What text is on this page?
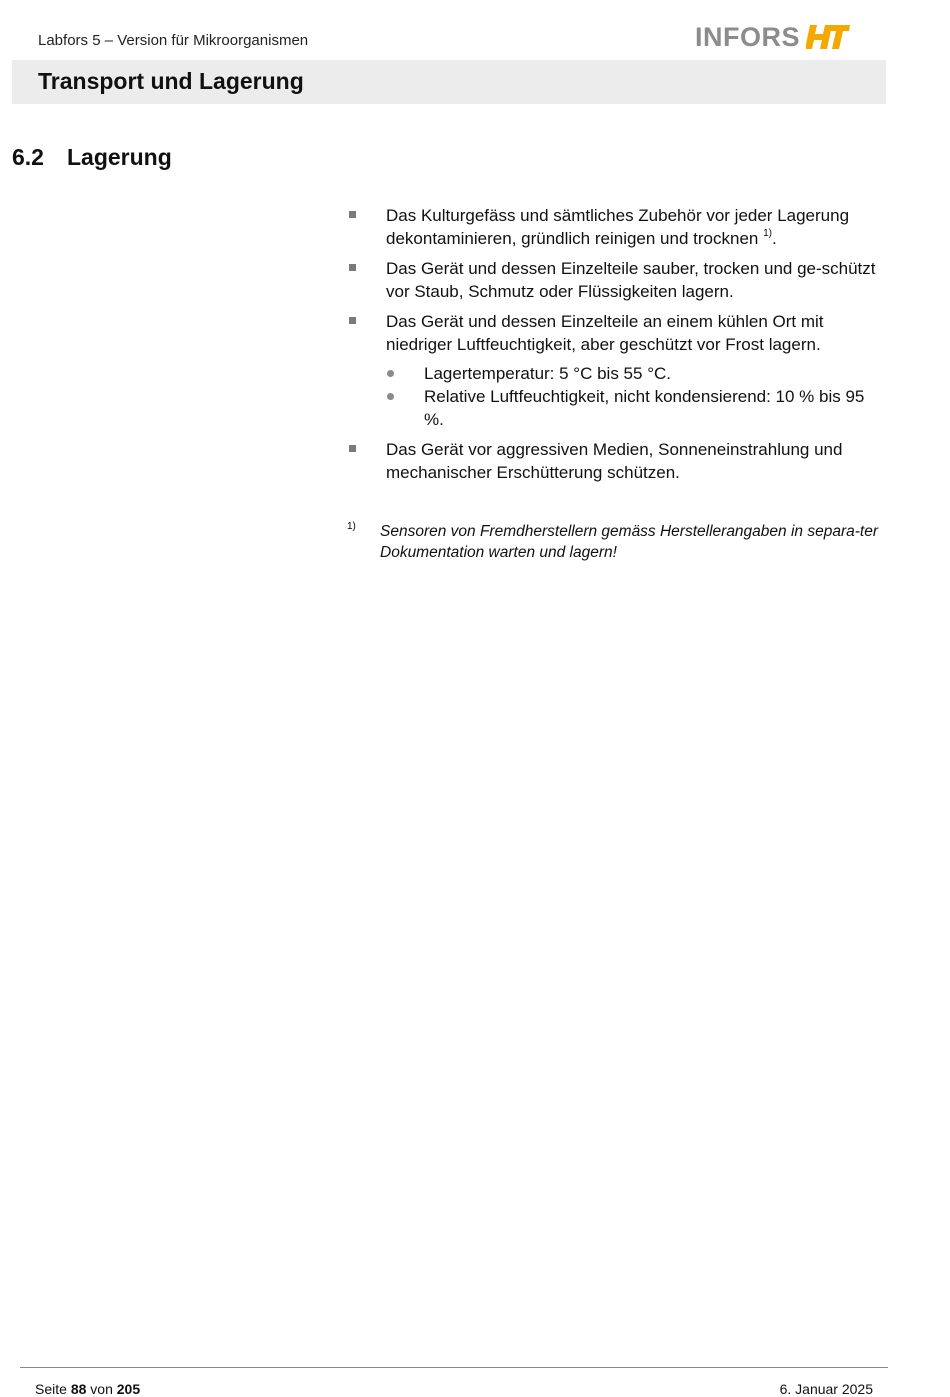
Labfors 5 – Version für Mikroorganismen	INFORS
Transport und Lagerung
6.2 Lagerung
Das Kulturgefäss und sämtliches Zubehör vor jeder Lagerung dekontaminieren, gründlich reinigen und trocknen $^{1)}$.
Das Gerät und dessen Einzelteile sauber, trocken und ge-schützt vor Staub, Schmutz oder Flüssigkeiten lagern.
Das Gerät und dessen Einzelteile an einem kühlen Ort mit niedriger Luftfeuchtigkeit, aber geschützt vor Frost lagern.
Lagertemperatur: 5 °C bis 55 °C.
Relative Luftfeuchtigkeit, nicht kondensierend: 10 % bis 95 %.
Das Gerät vor aggressiven Medien, Sonneneinstrahlung und mechanischer Erschütterung schützen.
1) Sensoren von Fremdherstellern gemäss Herstellerangaben in separa-ter Dokumentation warten und lagern!
Seite 88 von 205	6. Januar 2025
